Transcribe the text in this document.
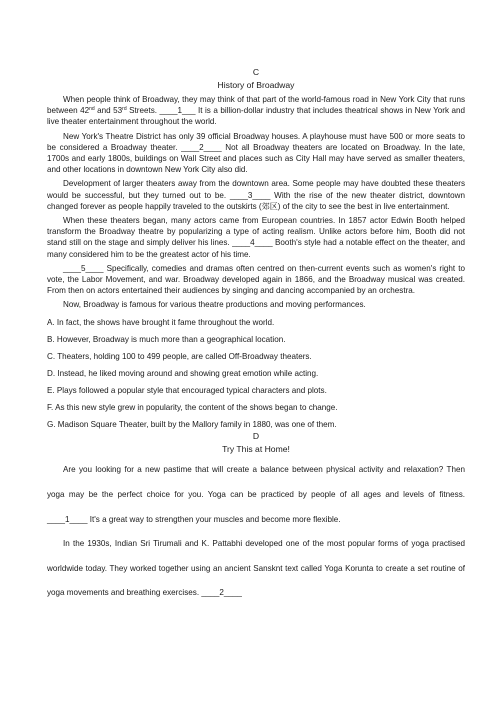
C

History of Broadway

When people think of Broadway, they may think of that part of the world-famous road in New York City that runs between 42nd and 53rd Streets. ____1___ It is a billion-dollar industry that includes theatrical shows in New York and live theater entertainment throughout the world.

New York's Theatre District has only 39 official Broadway houses. A playhouse must have 500 or more seats to be considered a Broadway theater. ____2____ Not all Broadway theaters are located on Broadway. In the late, 1700s and early 1800s, buildings on Wall Street and places such as City Hall may have served as smaller theaters, and other locations in downtown New York City also did.

Development of larger theaters away from the downtown area. Some people may have doubted these theaters would be successful, but they turned out to be. ____3____ With the rise of the new theater district, downtown changed forever as people happily traveled to the outskirts (郊区) of the city to see the best in live entertainment.

When these theaters began, many actors came from European countries. In 1857 actor Edwin Booth helped transform the Broadway theatre by popularizing a type of acting realism. Unlike actors before him, Booth did not stand still on the stage and simply deliver his lines. ____4____ Booth's style had a notable effect on the theater, and many considered him to be the greatest actor of his time.

____5____ Specifically, comedies and dramas often centred on then-current events such as women's right to vote, the Labor Movement, and war. Broadway developed again in 1866, and the Broadway musical was created. From then on actors entertained their audiences by singing and dancing accompanied by an orchestra.

Now, Broadway is famous for various theatre productions and moving performances.

A. In fact, the shows have brought it fame throughout the world.

B. However, Broadway is much more than a geographical location.

C. Theaters, holding 100 to 499 people, are called Off-Broadway theaters.

D. Instead, he liked moving around and showing great emotion while acting.

E. Plays followed a popular style that encouraged typical characters and plots.

F. As this new style grew in popularity, the content of the shows began to change.

G. Madison Square Theater, built by the Mallory family in 1880, was one of them.

D

Try This at Home!

Are you looking for a new pastime that will create a balance between physical activity and relaxation? Then yoga may be the perfect choice for you. Yoga can be practiced by people of all ages and levels of fitness. ____1____ It's a great way to strengthen your muscles and become more flexible.

In the 1930s, Indian Sri Tirumali and K. Pattabhi developed one of the most popular forms of yoga practised worldwide today. They worked together using an ancient Sansknt text called Yoga Korunta to create a set routine of yoga movements and breathing exercises. ____2____
